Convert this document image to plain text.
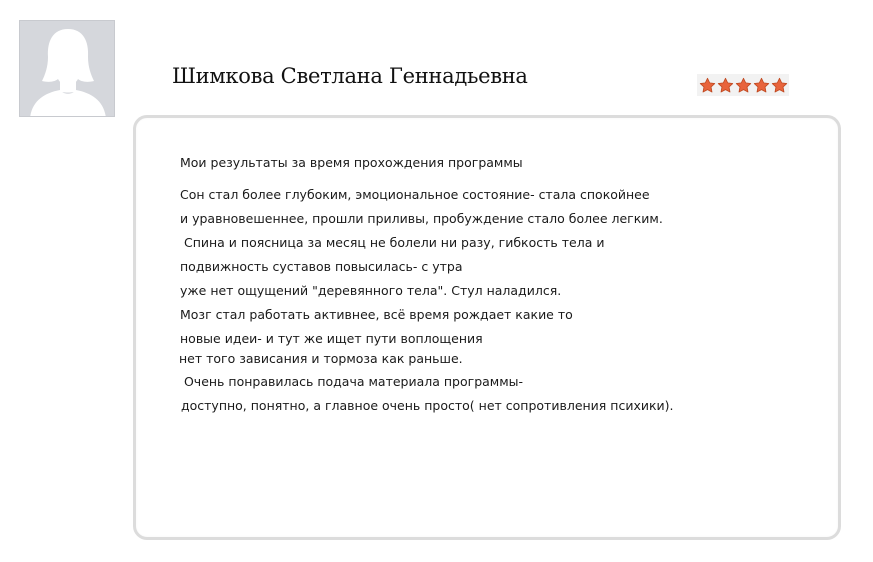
Шимкова Светлана Геннадьевна
Мои результаты за время прохождения программы
Сон стал более глубоким, эмоциональное состояние- стала спокойнее
и уравновешеннее, прошли приливы, пробуждение стало более легким.
Спина и поясница за месяц не болели ни разу, гибкость тела и
подвижность суставов повысилась- с утра
уже нет ощущений "деревянного тела". Стул наладился.
Мозг стал работать активнее, всё время рождает какие то
новые идеи- и тут же ищет пути воплощения
нет того зависания и тормоза как раньше.
Очень понравилась подача материала программы-
доступно, понятно, а главное очень просто( нет сопротивления психики).
